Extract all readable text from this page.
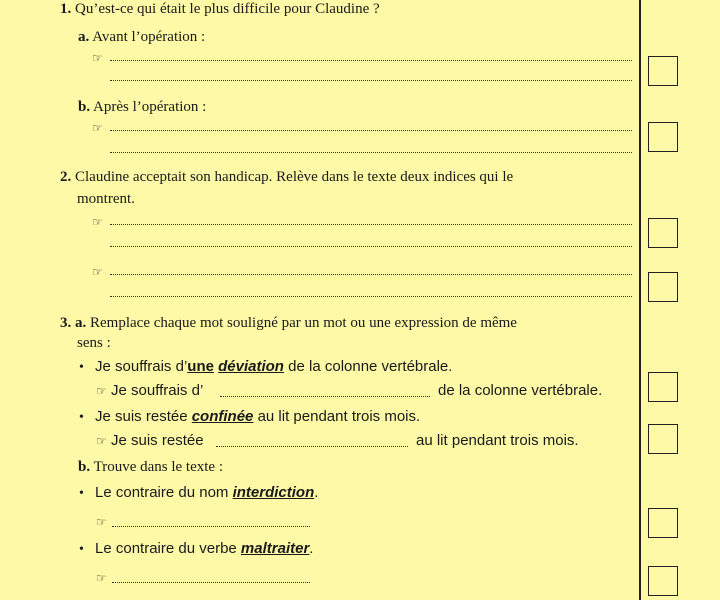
1. Qu’est-ce qui était le plus difficile pour Claudine ?
a. Avant l’opération :
☞
b. Après l’opération :
☞
2. Claudine acceptait son handicap. Relève dans le texte deux indices qui le
montrent.
☞
☞
3. a. Remplace chaque mot souligné par un mot ou une expression de même
sens :
• Je souffrais d’une déviation de la colonne vertébrale.
☞ Je souffrais d’	de la colonne vertébrale.
• Je suis restée confinée au lit pendant trois mois.
☞ Je suis restée	au lit pendant trois mois.
b. Trouve dans le texte :
• Le contraire du nom interdiction.
☞
• Le contraire du verbe maltraiter.
☞
